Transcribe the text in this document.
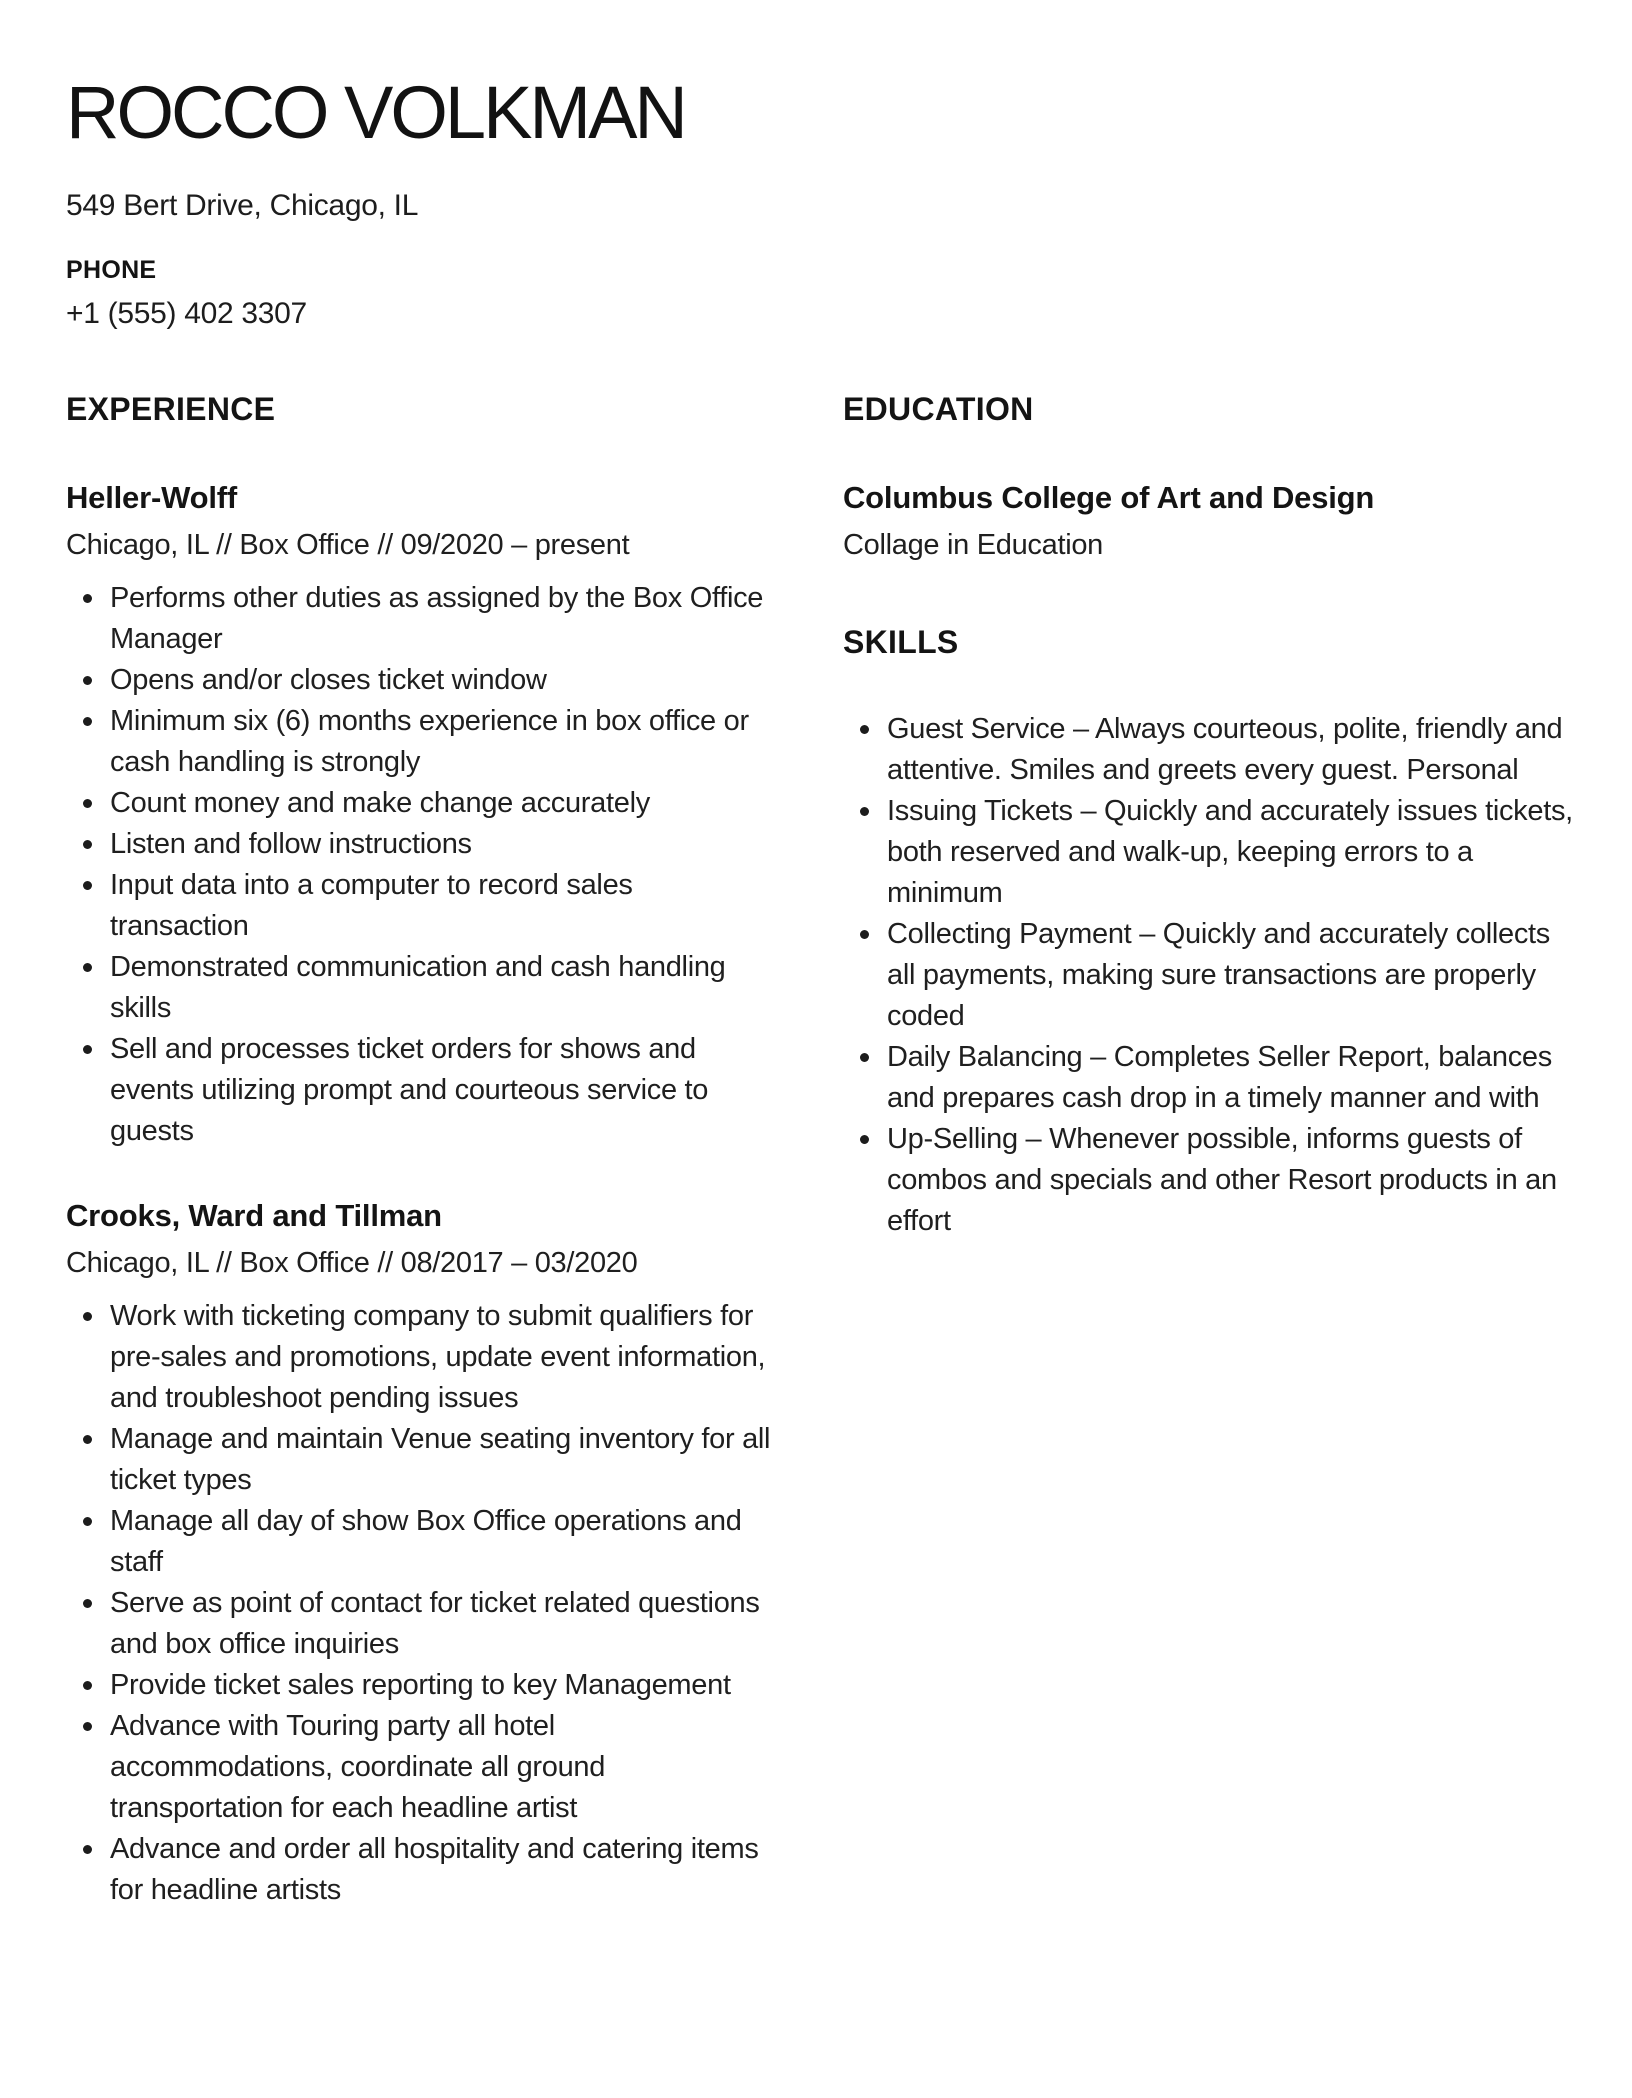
ROCCO VOLKMAN
549 Bert Drive, Chicago, IL
PHONE
+1 (555) 402 3307
EXPERIENCE
Heller-Wolff
Chicago, IL // Box Office // 09/2020 – present
Performs other duties as assigned by the Box Office Manager
Opens and/or closes ticket window
Minimum six (6) months experience in box office or cash handling is strongly
Count money and make change accurately
Listen and follow instructions
Input data into a computer to record sales transaction
Demonstrated communication and cash handling skills
Sell and processes ticket orders for shows and events utilizing prompt and courteous service to guests
Crooks, Ward and Tillman
Chicago, IL // Box Office // 08/2017 – 03/2020
Work with ticketing company to submit qualifiers for pre-sales and promotions, update event information, and troubleshoot pending issues
Manage and maintain Venue seating inventory for all ticket types
Manage all day of show Box Office operations and staff
Serve as point of contact for ticket related questions and box office inquiries
Provide ticket sales reporting to key Management
Advance with Touring party all hotel accommodations, coordinate all ground transportation for each headline artist
Advance and order all hospitality and catering items for headline artists
EDUCATION
Columbus College of Art and Design
Collage in Education
SKILLS
Guest Service – Always courteous, polite, friendly and attentive. Smiles and greets every guest. Personal
Issuing Tickets – Quickly and accurately issues tickets, both reserved and walk-up, keeping errors to a minimum
Collecting Payment – Quickly and accurately collects all payments, making sure transactions are properly coded
Daily Balancing – Completes Seller Report, balances and prepares cash drop in a timely manner and with
Up-Selling – Whenever possible, informs guests of combos and specials and other Resort products in an effort
